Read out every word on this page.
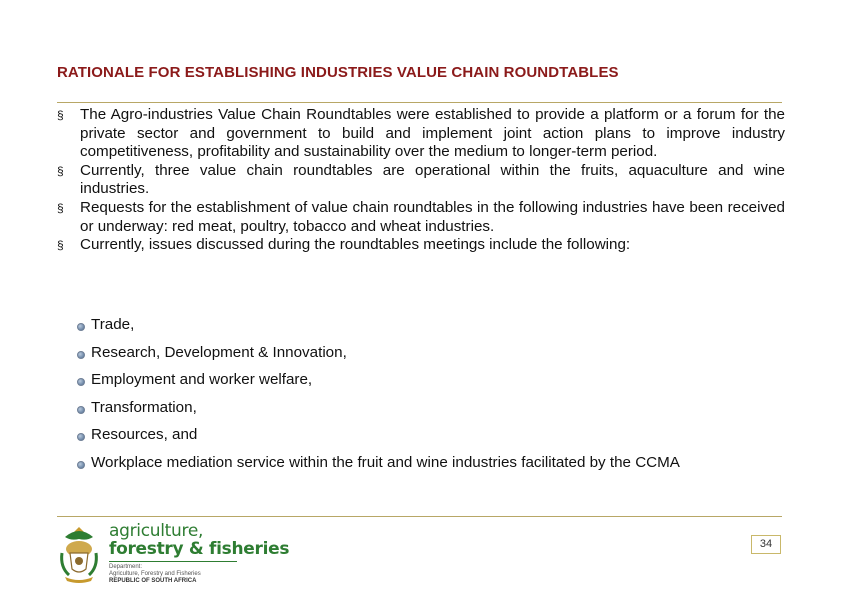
RATIONALE FOR ESTABLISHING INDUSTRIES VALUE CHAIN ROUNDTABLES
§ The Agro-industries Value Chain Roundtables were established to provide a platform or a forum for the private sector and government to build and implement joint action plans to improve industry competitiveness, profitability and sustainability over the medium to longer-term period.
§ Currently, three value chain roundtables are operational within the fruits, aquaculture and wine industries.
§ Requests for the establishment of value chain roundtables in the following industries have been received or underway: red meat, poultry, tobacco and wheat industries.
§ Currently, issues discussed during the roundtables meetings include the following:
Trade,
Research, Development & Innovation,
Employment and worker welfare,
Transformation,
Resources, and
Workplace mediation service within the fruit and wine industries facilitated by the CCMA
agriculture,
forestry & fisheries
Department:
Agriculture, Forestry and Fisheries
REPUBLIC OF SOUTH AFRICA
34
